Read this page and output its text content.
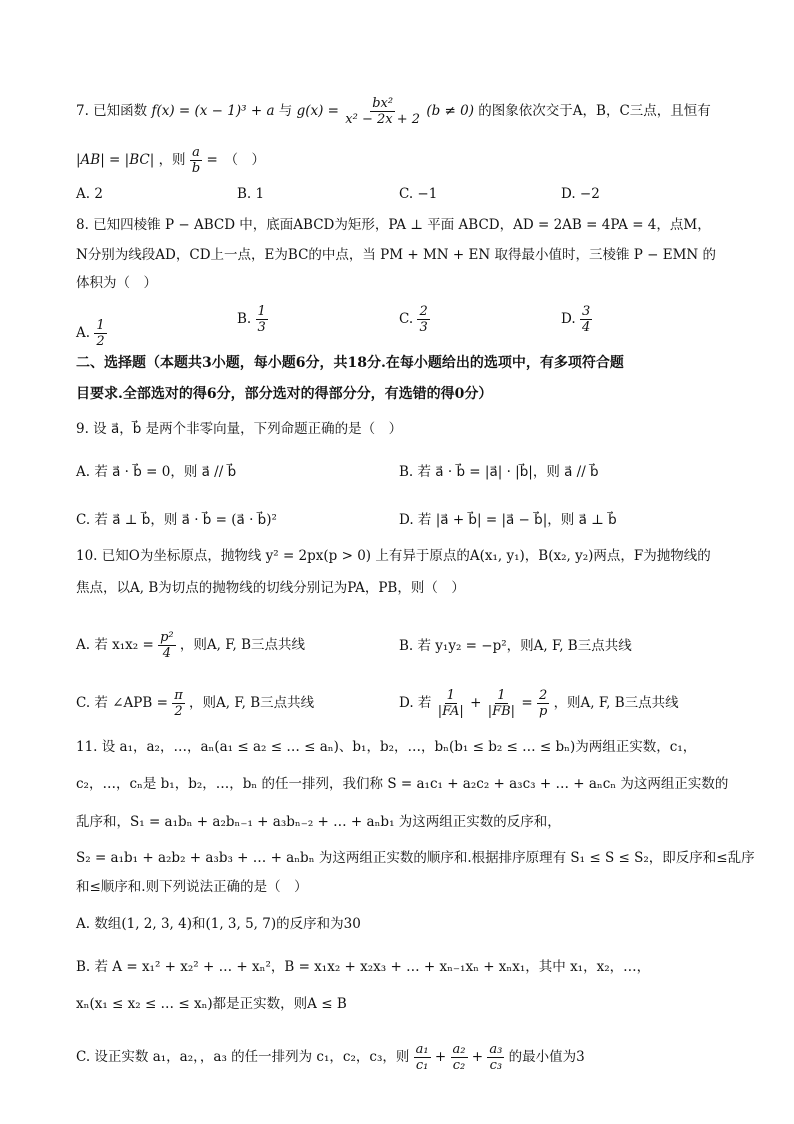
7. 已知函数 f(x) = (x − 1)³ + a 与 $g(x) = \frac{\text{bx²}}{\text{x² − 2x + 2}} (b \ne 0)$ 的图象依次交于A，B，C三点，且恒有
|AB| = |BC| ，则 $\frac{a}{b}$ =　（　）
A. 2	B. 1	C. −1	D. −2
8. 已知四棱锥 P − ABCD 中，底面ABCD为矩形，PA ⊥ 平面 ABCD，AD = 2AB = 4PA = 4，点M，
N分别为线段AD，CD上一点，E为BC的中点，当 PM + MN + EN 取得最小值时，三棱锥 P − EMN 的
体积为（　）
A. $\frac{1}{2}$	B. $\frac{1}{3}$	C. $\frac{2}{3}$	D. $\frac{3}{4}$
二、选择题（本题共3小题，每小题6分，共18分.在每小题给出的选项中，有多项符合题
目要求.全部选对的得6分，部分选对的得部分分，有选错的得0分）
9. 设 a⃗，b⃗ 是两个非零向量，下列命题正确的是（　）
A. 若 a⃗ · b⃗ = 0，则 a⃗ // b⃗	B. 若 a⃗ · b⃗ = |a⃗| · |b⃗|，则 a⃗ // b⃗
C. 若 a⃗ ⊥ b⃗，则 a⃗ · b⃗ = (a⃗ · b⃗)²	D. 若 |a⃗ + b⃗| = |a⃗ − b⃗|，则 a⃗ ⊥ b⃗
10. 已知O为坐标原点，抛物线 y² = 2px(p > 0) 上有异于原点的A(x₁, y₁)，B(x₂, y₂)两点，F为抛物线的
焦点，以A, B为切点的抛物线的切线分别记为PA，PB，则（　）
A. 若 $x_1x_2 = \frac{\text{p²}}{4}$ ，则A, F, B三点共线	B. 若 y₁y₂ = −p²，则A, F, B三点共线
C. 若 ∠APB = $\frac{\pi}{2}$ ，则A, F, B三点共线	D. 若 $\frac{1}{|FA|} + \frac{1}{|FB|} = \frac{2}{p}$ ，则A, F, B三点共线
11. 设 a₁，a₂，…，aₙ(a₁ ≤ a₂ ≤ … ≤ aₙ)、b₁，b₂，…，bₙ(b₁ ≤ b₂ ≤ … ≤ bₙ)为两组正实数，c₁，
c₂，…，cₙ是 b₁，b₂，…，bₙ 的任一排列，我们称 S = a₁c₁ + a₂c₂ + a₃c₃ + … + aₙcₙ 为这两组正实数的
乱序和，S₁ = a₁bₙ + a₂bₙ₋₁ + a₃bₙ₋₂ + … + aₙb₁ 为这两组正实数的反序和，
S₂ = a₁b₁ + a₂b₂ + a₃b₃ + … + aₙbₙ 为这两组正实数的顺序和.根据排序原理有 S₁ ≤ S ≤ S₂，即反序和≤乱序
和≤顺序和.则下列说法正确的是（　）
A. 数组(1, 2, 3, 4)和(1, 3, 5, 7)的反序和为30
B. 若 A = x₁² + x₂² + … + xₙ²，B = x₁x₂ + x₂x₃ + … + xₙ₋₁xₙ + xₙx₁，其中 x₁，x₂，…，
xₙ(x₁ ≤ x₂ ≤ … ≤ xₙ)都是正实数，则A ≤ B
C. 设正实数 a₁，a₂，，a₃ 的任一排列为 c₁，c₂，c₃，则 $\frac{\text{a₁}}{\text{c₁}} + \frac{\text{a₂}}{\text{c₂}} + \frac{\text{a₃}}{\text{c₃}}$ 的最小值为3
